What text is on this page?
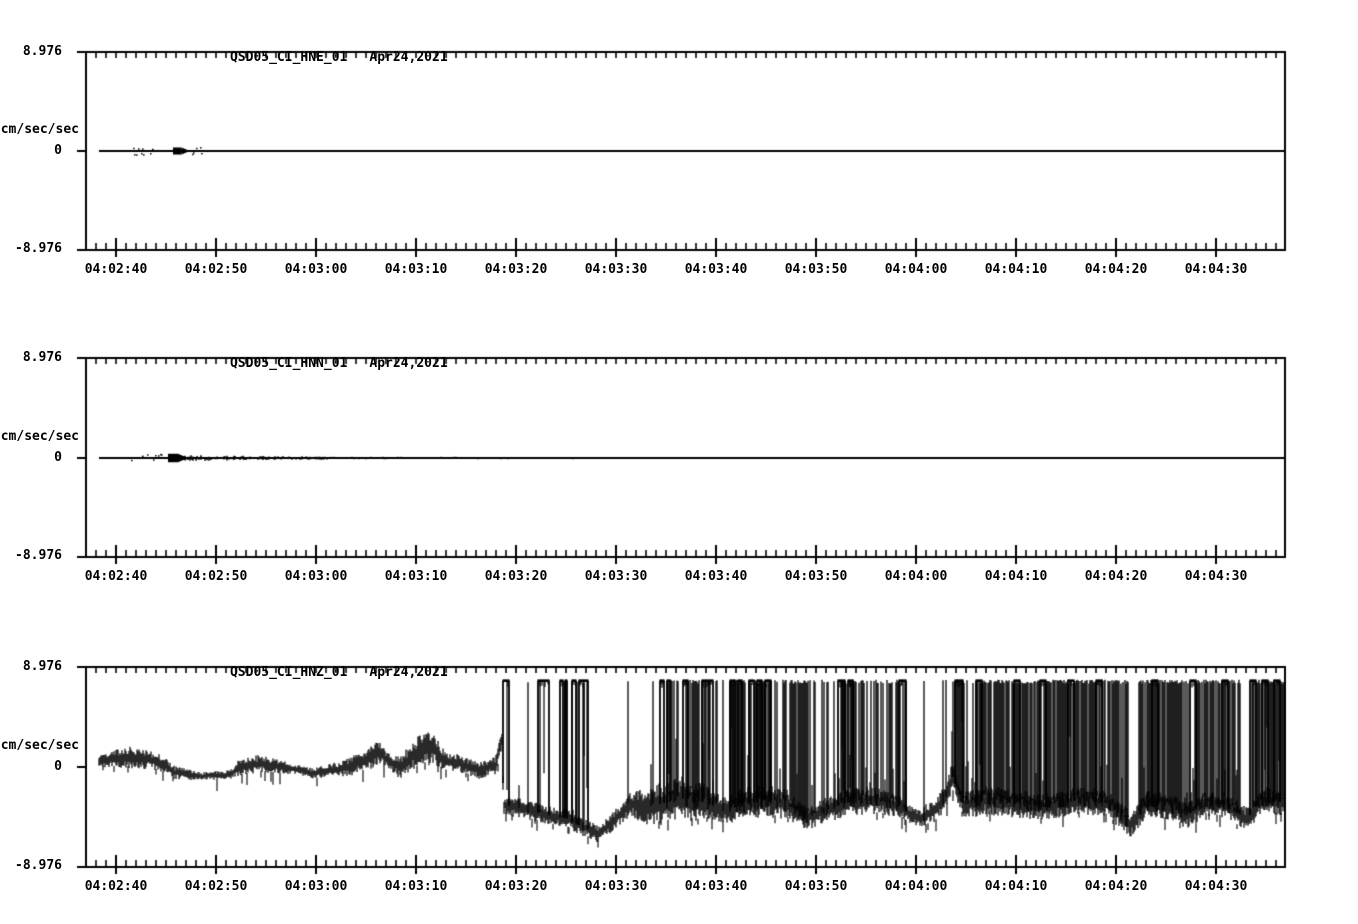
QSD05_CI_HNE_01 Apr24,2021

8.976
cm/sec/sec
0
-8.976
04:02:40	04:02:50	04:03:00	04:03:10	04:03:20	04:03:30	04:03:40	04:03:50	04:04:00	04:04:10	04:04:20	04:04:30

QSD05_CI_HNN_01 Apr24,2021

8.976
cm/sec/sec
0
-8.976
04:02:40	04:02:50	04:03:00	04:03:10	04:03:20	04:03:30	04:03:40	04:03:50	04:04:00	04:04:10	04:04:20	04:04:30

QSD05_CI_HNZ_01 Apr24,2021

8.976
cm/sec/sec
0
-8.976
04:02:40	04:02:50	04:03:00	04:03:10	04:03:20	04:03:30	04:03:40	04:03:50	04:04:00	04:04:10	04:04:20	04:04:30
